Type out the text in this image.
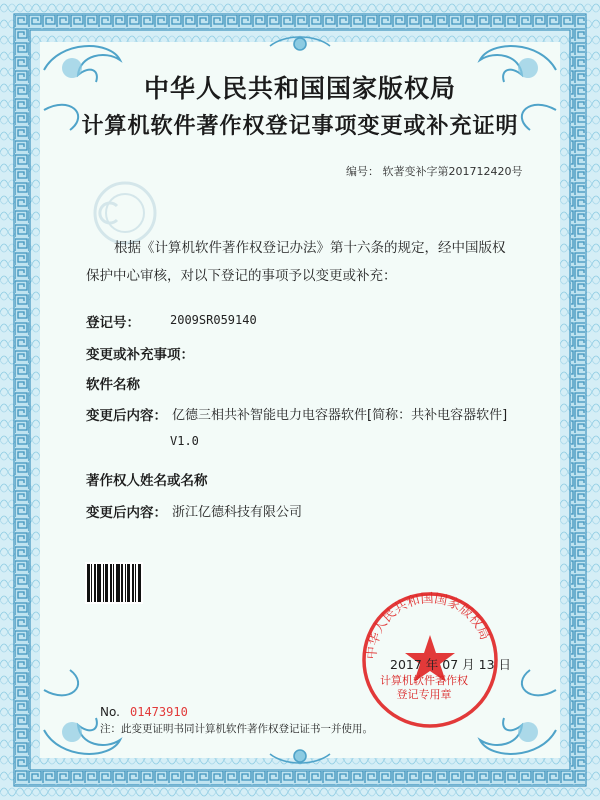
中华人民共和国国家版权局
计算机软件著作权登记事项变更或补充证明
编号： 软著变补字第201712420号
根据《计算机软件著作权登记办法》第十六条的规定，经中国版权保护中心审核，对以下登记的事项予以变更或补充：
登记号：	2009SR059140
变更或补充事项：
软件名称
变更后内容： 亿德三相共补智能电力电容器软件[简称：共补电容器软件]
V1.0
著作权人姓名或名称
变更后内容： 浙江亿德科技有限公司
中华人民共和国国家版权局
2017 年 07 月 13 日
计算机软件著作权
登记专用章
No. 01473910
注：此变更证明书同计算机软件著作权登记证书一并使用。
